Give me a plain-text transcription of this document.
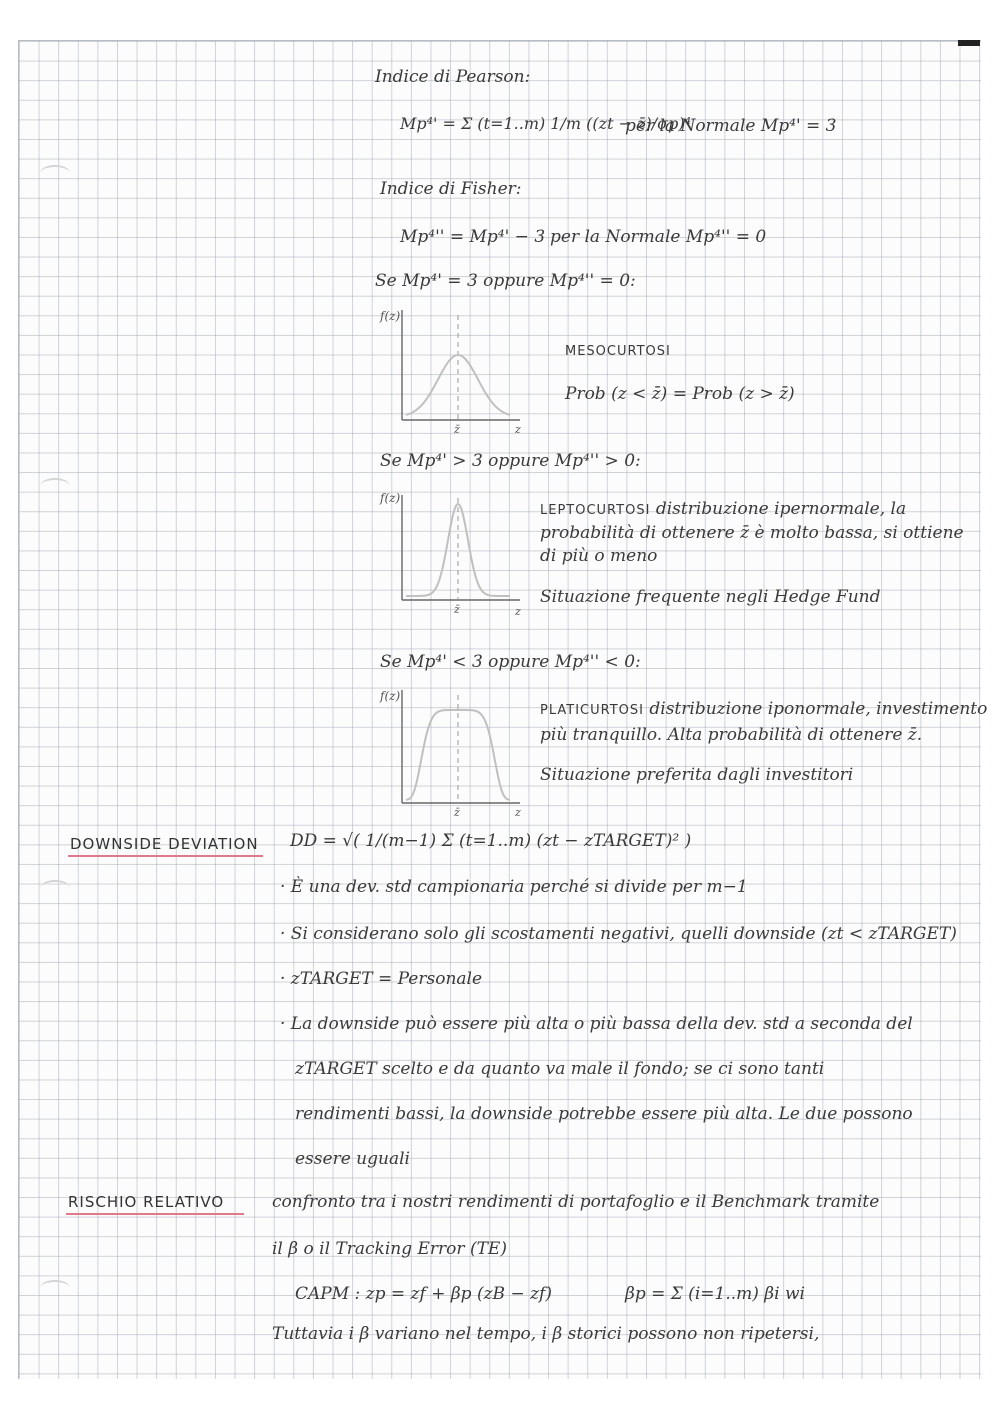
Indice di Pearson:
Mp⁴' = Σ (t=1..m) 1/m ((zt − z̄)/σp)⁴
per la Normale Mp⁴' = 3
Indice di Fisher:
Mp⁴'' = Mp⁴' − 3 per la Normale Mp⁴'' = 0
Se Mp⁴' = 3 oppure Mp⁴'' = 0:
f(z)
z̄	z
MESOCURTOSI
Prob (z < z̄) = Prob (z > z̄)
Se Mp⁴' > 3 oppure Mp⁴'' > 0:
f(z)
z̄	z
LEPTOCURTOSI distribuzione ipernormale, la
probabilità di ottenere z̄ è molto bassa, si ottiene
di più o meno
Situazione frequente negli Hedge Fund
Se Mp⁴' < 3 oppure Mp⁴'' < 0:
f(z)
z̄	z
PLATICURTOSI distribuzione iponormale, investimento
più tranquillo. Alta probabilità di ottenere z̄.
Situazione preferita dagli investitori
DOWNSIDE DEVIATION DD = √( 1/(m−1) Σ (t=1..m) (zt − zTARGET)² )
· È una dev. std campionaria perché si divide per m−1
· Si considerano solo gli scostamenti negativi, quelli downside (zt < zTARGET)
· zTARGET = Personale
· La downside può essere più alta o più bassa della dev. std a seconda del
zTARGET scelto e da quanto va male il fondo; se ci sono tanti
rendimenti bassi, la downside potrebbe essere più alta. Le due possono
essere uguali
RISCHIO RELATIVO	confronto tra i nostri rendimenti di portafoglio e il Benchmark tramite
il β o il Tracking Error (TE)
CAPM : zp = zf + βp (zB − zf)	βp = Σ (i=1..m) βi wi
Tuttavia i β variano nel tempo, i β storici possono non ripetersi,
